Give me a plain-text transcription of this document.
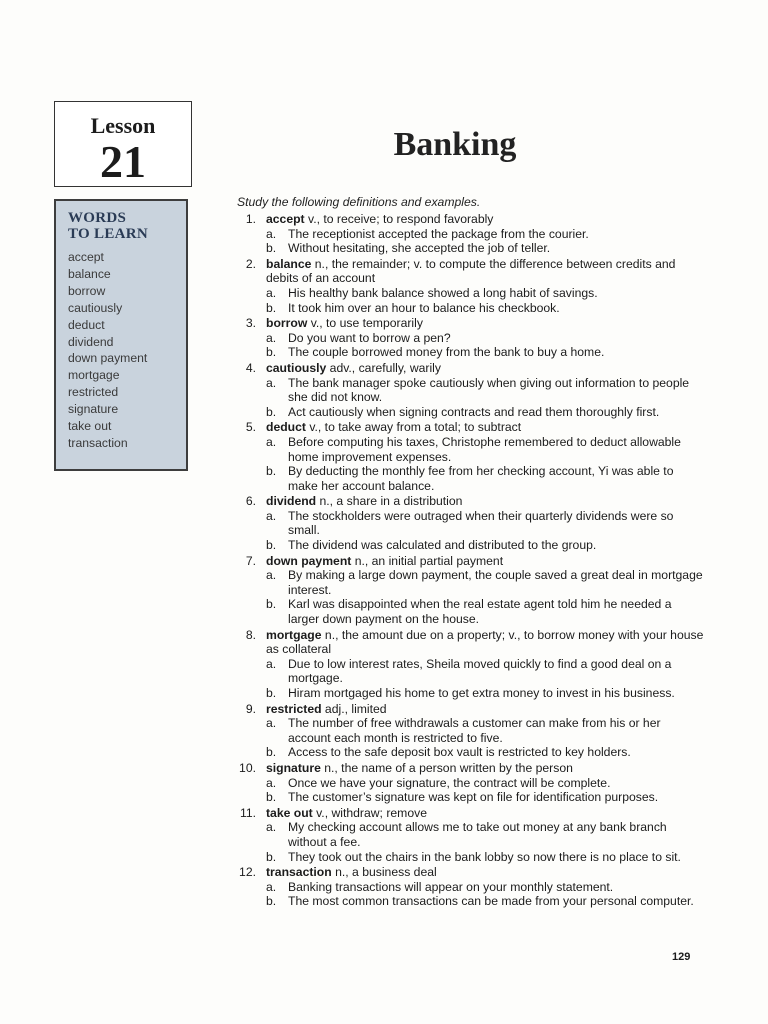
Lesson
21
WORDS
TO LEARN
accept
balance
borrow
cautiously
deduct
dividend
down payment
mortgage
restricted
signature
take out
transaction
Banking
Study the following definitions and examples.
1. accept v., to receive; to respond favorably
a. The receptionist accepted the package from the courier.
b. Without hesitating, she accepted the job of teller.
2. balance n., the remainder; v. to compute the difference between credits and debits of an account
a. His healthy bank balance showed a long habit of savings.
b. It took him over an hour to balance his checkbook.
3. borrow v., to use temporarily
a. Do you want to borrow a pen?
b. The couple borrowed money from the bank to buy a home.
4. cautiously adv., carefully, warily
a. The bank manager spoke cautiously when giving out information to people she did not know.
b. Act cautiously when signing contracts and read them thoroughly first.
5. deduct v., to take away from a total; to subtract
a. Before computing his taxes, Christophe remembered to deduct allowable home improvement expenses.
b. By deducting the monthly fee from her checking account, Yi was able to make her account balance.
6. dividend n., a share in a distribution
a. The stockholders were outraged when their quarterly dividends were so small.
b. The dividend was calculated and distributed to the group.
7. down payment n., an initial partial payment
a. By making a large down payment, the couple saved a great deal in mortgage interest.
b. Karl was disappointed when the real estate agent told him he needed a larger down payment on the house.
8. mortgage n., the amount due on a property; v., to borrow money with your house as collateral
a. Due to low interest rates, Sheila moved quickly to find a good deal on a mortgage.
b. Hiram mortgaged his home to get extra money to invest in his business.
9. restricted adj., limited
a. The number of free withdrawals a customer can make from his or her account each month is restricted to five.
b. Access to the safe deposit box vault is restricted to key holders.
10. signature n., the name of a person written by the person
a. Once we have your signature, the contract will be complete.
b. The customer’s signature was kept on file for identification purposes.
11. take out v., withdraw; remove
a. My checking account allows me to take out money at any bank branch without a fee.
b. They took out the chairs in the bank lobby so now there is no place to sit.
12. transaction n., a business deal
a. Banking transactions will appear on your monthly statement.
b. The most common transactions can be made from your personal computer.
129
